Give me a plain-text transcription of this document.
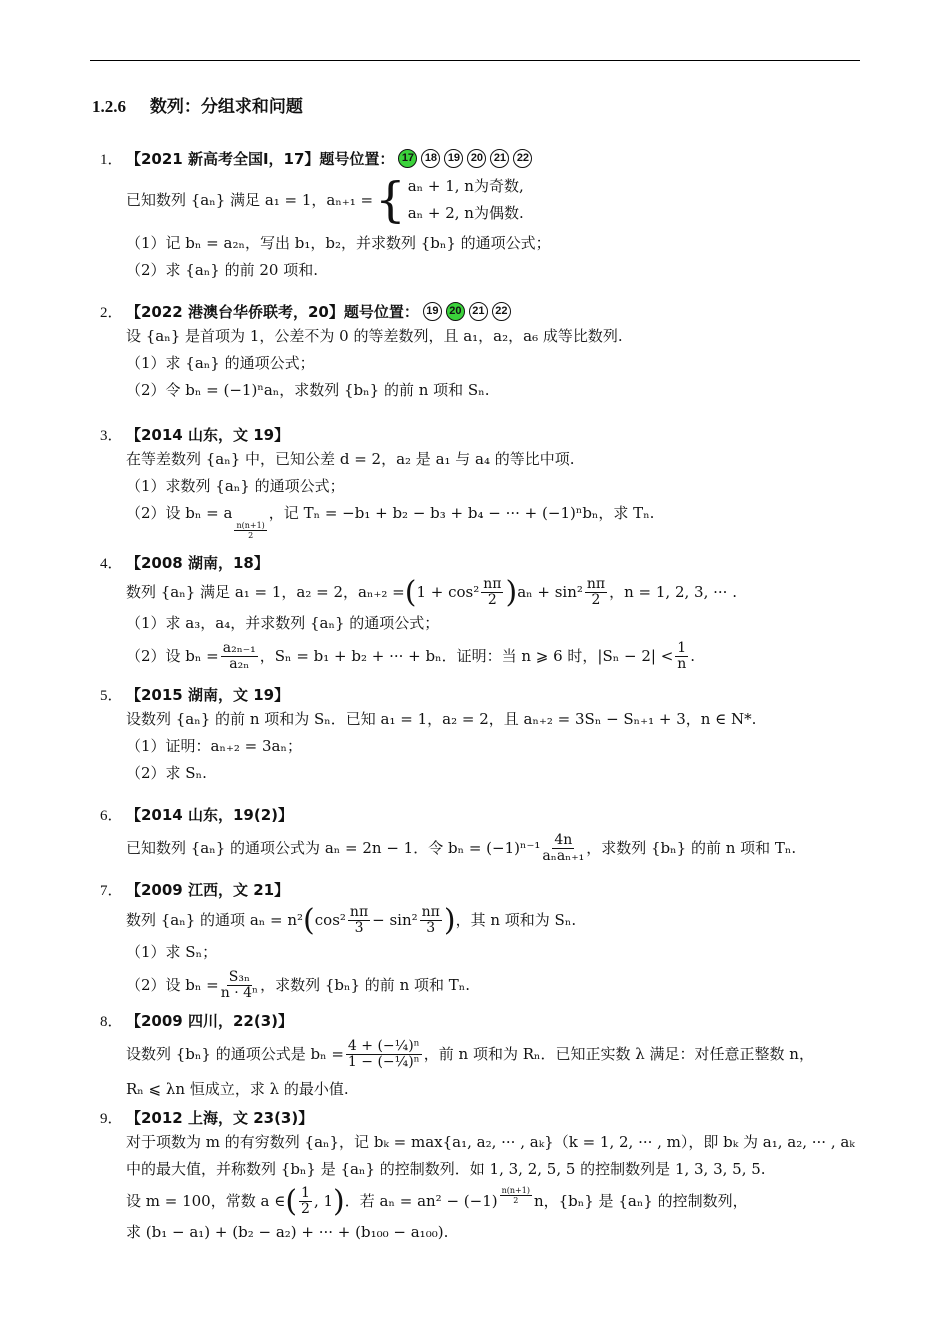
1.2.6 数列：分组求和问题
1． 【2021 新高考全国Ⅰ，17】题号位置： 17 18 19 20 21 22
已知数列 {aₙ} 满足 a₁ = 1，aₙ₊₁ = { aₙ + 1, n为奇数,
aₙ + 2, n为偶数.
（1）记 bₙ = a₂ₙ，写出 b₁，b₂，并求数列 {bₙ} 的通项公式；
（2）求 {aₙ} 的前 20 项和.
2． 【2022 港澳台华侨联考，20】题号位置： 19 20 21 22
设 {aₙ} 是首项为 1，公差不为 0 的等差数列，且 a₁，a₂，a₆ 成等比数列.
（1）求 {aₙ} 的通项公式；
（2）令 bₙ = (−1)ⁿaₙ，求数列 {bₙ} 的前 n 项和 Sₙ.
3． 【2014 山东，文 19】
在等差数列 {aₙ} 中，已知公差 d = 2，a₂ 是 a₁ 与 a₄ 的等比中项.
（1）求数列 {aₙ} 的通项公式；
（2）设 bₙ = a
$\frac{n(n+1)}{2}$
，记 Tₙ = −b₁ + b₂ − b₃ + b₄ − ··· + (−1)ⁿbₙ，求 Tₙ.
4． 【2008 湖南，18】
数列 {aₙ} 满足 a₁ = 1，a₂ = 2，aₙ₊₂ = ( $1 + \cos^2 \frac{n\pi}{2}$ ) $a_n + \sin^2 \frac{n\pi}{2}$ ，n = 1, 2, 3, ··· .
（1）求 a₃，a₄，并求数列 {aₙ} 的通项公式；
（2）设 $b_n = \frac{\text{a₂ₙ₋₁}}{\text{a₂ₙ}}$ ，Sₙ = b₁ + b₂ + ··· + bₙ．证明：当 n ⩾ 6 时，$|S_n - 2| < \frac{1}{n}$ .
5． 【2015 湖南，文 19】
设数列 {aₙ} 的前 n 项和为 Sₙ．已知 a₁ = 1，a₂ = 2，且 aₙ₊₂ = 3Sₙ − Sₙ₊₁ + 3，n ∈ N*.
（1）证明：aₙ₊₂ = 3aₙ；
（2）求 Sₙ.
6． 【2014 山东，19(2)】
已知数列 {aₙ} 的通项公式为 aₙ = 2n − 1．令 $b_n = (-1)^{n-1} \frac{4n}{\text{aₙaₙ₊₁}}$ ，求数列 {bₙ} 的前 n 项和 Tₙ.
7． 【2009 江西，文 21】
数列 {aₙ} 的通项 aₙ = n² ( $\cos^2 \frac{n\pi}{3} - \sin^2 \frac{n\pi}{3}$ ) ，其 n 项和为 Sₙ.
（1）求 Sₙ；
（2）设 $b_n = \frac{\text{S₃ₙ}}{\text{n · 4ⁿ}}$ ，求数列 {bₙ} 的前 n 项和 Tₙ.
8． 【2009 四川，22(3)】
设数列 {bₙ} 的通项公式是 $b_n = \frac{\text{4 + (−¼)ⁿ}}{\text{1 − (−¼)ⁿ}}$ ，前 n 项和为 Rₙ．已知正实数 λ 满足：对任意正整数 n，
Rₙ ⩽ λn 恒成立，求 λ 的最小值.
9． 【2012 上海，文 23(3)】
对于项数为 m 的有穷数列 {aₙ}，记 bₖ = max{a₁, a₂, ··· , aₖ}（k = 1, 2, ··· , m），即 bₖ 为 a₁, a₂, ··· , aₖ
中的最大值，并称数列 {bₙ} 是 {aₙ} 的控制数列．如 1, 3, 2, 5, 5 的控制数列是 1, 3, 3, 5, 5.
设 m = 100，常数 a ∈ ( $\frac{1}{2}$ , 1 ) ．若 $a_n = an^2 - (-1) \frac{n(n+1)}{2}$ n，{bₙ} 是 {aₙ} 的控制数列，
求 (b₁ − a₁) + (b₂ − a₂) + ··· + (b₁₀₀ − a₁₀₀).
